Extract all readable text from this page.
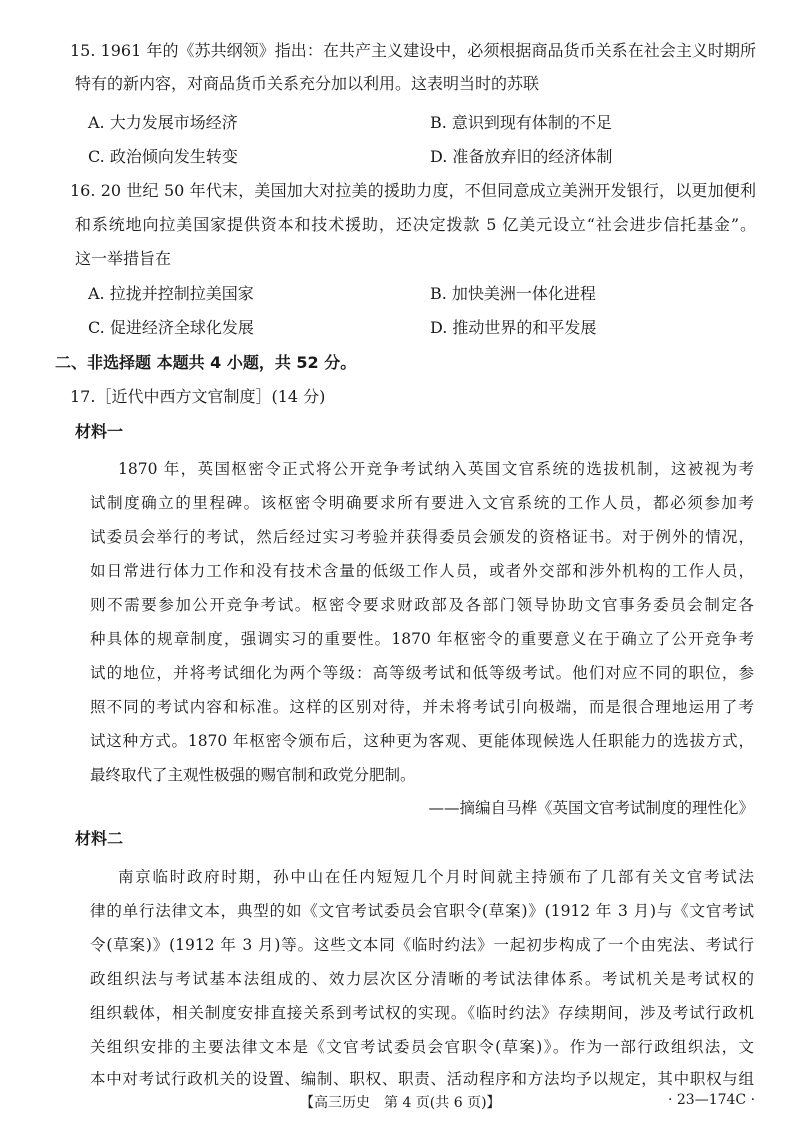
15. 1961 年的《苏共纲领》指出：在共产主义建设中，必须根据商品货币关系在社会主义时期所
特有的新内容，对商品货币关系充分加以利用。这表明当时的苏联
A. 大力发展市场经济	B. 意识到现有体制的不足
C. 政治倾向发生转变	D. 准备放弃旧的经济体制
16. 20 世纪 50 年代末，美国加大对拉美的援助力度，不但同意成立美洲开发银行，以更加便利
和系统地向拉美国家提供资本和技术援助，还决定拨款 5 亿美元设立“社会进步信托基金”。
这一举措旨在
A. 拉拢并控制拉美国家	B. 加快美洲一体化进程
C. 促进经济全球化发展	D. 推动世界的和平发展
二、非选择题 本题共 4 小题，共 52 分。
17.［近代中西方文官制度］(14 分)
材料一
1870 年，英国枢密令正式将公开竞争考试纳入英国文官系统的选拔机制，这被视为考
试制度确立的里程碑。该枢密令明确要求所有要进入文官系统的工作人员，都必须参加考
试委员会举行的考试，然后经过实习考验并获得委员会颁发的资格证书。对于例外的情况，
如日常进行体力工作和没有技术含量的低级工作人员，或者外交部和涉外机构的工作人员，
则不需要参加公开竞争考试。枢密令要求财政部及各部门领导协助文官事务委员会制定各
种具体的规章制度，强调实习的重要性。1870 年枢密令的重要意义在于确立了公开竞争考
试的地位，并将考试细化为两个等级：高等级考试和低等级考试。他们对应不同的职位，参
照不同的考试内容和标准。这样的区别对待，并未将考试引向极端，而是很合理地运用了考
试这种方式。1870 年枢密令颁布后，这种更为客观、更能体现候选人任职能力的选拔方式，
最终取代了主观性极强的赐官制和政党分肥制。
——摘编自马桦《英国文官考试制度的理性化》
材料二
南京临时政府时期，孙中山在任内短短几个月时间就主持颁布了几部有关文官考试法
律的单行法律文本，典型的如《文官考试委员会官职令(草案)》(1912 年 3 月)与《文官考试
令(草案)》(1912 年 3 月)等。这些文本同《临时约法》一起初步构成了一个由宪法、考试行
政组织法与考试基本法组成的、效力层次区分清晰的考试法律体系。考试机关是考试权的
组织载体，相关制度安排直接关系到考试权的实现。《临时约法》存续期间，涉及考试行政机
关组织安排的主要法律文本是《文官考试委员会官职令(草案)》。作为一部行政组织法，文
本中对考试行政机关的设置、编制、职权、职责、活动程序和方法均予以规定，其中职权与组
【高三历史　第 4 页(共 6 页)】	· 23—174C ·
